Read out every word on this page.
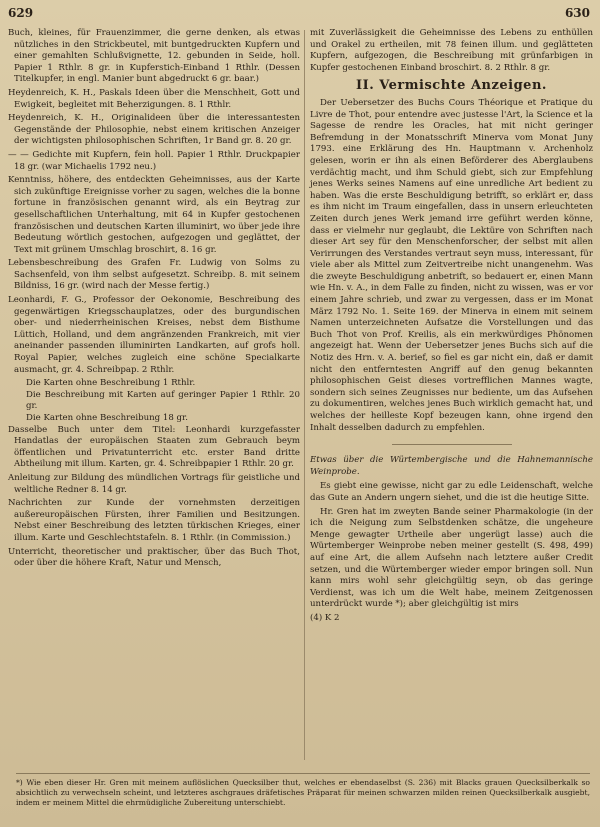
629	630

Buch, kleines, für Frauenzimmer, die gerne denken, als etwas nützliches in den Strickbeutel, mit buntgedruckten Kupfern und einer gemahlten Schlußvignette, 12. gebunden in Seide, holl. Papier 1 Rthlr. 8 gr. in Kupferstich-Einband 1 Rthlr. (Dessen Titelkupfer, in engl. Manier bunt abgedruckt 6 gr. baar.)

Heydenreich, K. H., Paskals Ideen über die Menschheit, Gott und Ewigkeit, begleitet mit Beherzigungen. 8. 1 Rthlr.

Heydenreich, K. H., Originalideen über die interessantesten Gegenstände der Philosophie, nebst einem kritischen Anzeiger der wichtigsten philosophischen Schriften, 1r Band gr. 8. 20 gr.

— — Gedichte mit Kupfern, fein holl. Papier 1 Rthlr. Druckpapier 18 gr. (war Michaelis 1792 neu.)

Kenntniss, höhere, des entdeckten Geheimnisses, aus der Karte sich zukünftige Ereignisse vorher zu sagen, welches die la bonne fortune in französischen genannt wird, als ein Beytrag zur gesellschaftlichen Unterhaltung, mit 64 in Kupfer gestochenen französischen und deutschen Karten illuminirt, wo über jede ihre Bedeutung wörtlich gestochen, aufgezogen und geglättet, der Text mit grünem Umschlag broschirt, 8. 16 gr.

Lebensbeschreibung des Grafen Fr. Ludwig von Solms zu Sachsenfeld, von ihm selbst aufgesetzt. Schreibp. 8. mit seinem Bildniss, 16 gr. (wird nach der Messe fertig.)

Leonhardi, F. G., Professor der Oekonomie, Beschreibung des gegenwärtigen Kriegsschauplatzes, oder des burgundischen ober- und niederrheinischen Kreises, nebst dem Bisthume Lüttich, Holland, und dem angränzenden Frankreich, mit vier aneinander passenden illuminirten Landkarten, auf grofs holl. Royal Papier, welches zugleich eine schöne Specialkarte ausmacht, gr. 4. Schreibpap. 2 Rthlr.

Die Karten ohne Beschreibung 1 Rthlr.

Die Beschreibung mit Karten auf geringer Papier 1 Rthlr. 20 gr.

Die Karten ohne Beschreibung 18 gr.

Dasselbe Buch unter dem Titel: Leonhardi kurzgefasster Handatlas der europäischen Staaten zum Gebrauch beym öffentlichen und Privatunterricht etc. erster Band dritte Abtheilung mit illum. Karten, gr. 4. Schreibpapier 1 Rthlr. 20 gr.

Anleitung zur Bildung des mündlichen Vortrags für geistliche und weltliche Redner 8. 14 gr.

Nachrichten zur Kunde der vornehmsten derzeitigen außereuropäischen Fürsten, ihrer Familien und Besitzungen. Nebst einer Beschreibung des letzten türkischen Krieges, einer illum. Karte und Geschlechtstafeln. 8. 1 Rthlr. (in Commission.)

Unterricht, theoretischer und praktischer, über das Buch Thot, oder über die höhere Kraft, Natur und Mensch,

mit Zuverlässigkeit die Geheimnisse des Lebens zu enthüllen und Orakel zu ertheilen, mit 78 feinen illum. und geglätteten Kupfern, aufgezogen, die Beschreibung mit grünfarbigen in Kupfer gestochenen Einband broschirt. 8. 2 Rthlr. 8 gr.

II. Vermischte Anzeigen.

Der Uebersetzer des Buchs Cours Théorique et Pratique du Livre de Thot, pour entendre avec justesse l'Art, la Science et la Sagesse de rendre les Oracles, hat mit nicht geringer Befremdung in der Monatsschrift Minerva vom Monat Juny 1793. eine Erklärung des Hn. Hauptmann v. Archenholz gelesen, worin er ihn als einen Beförderer des Aberglaubens verdächtig macht, und ihm Schuld giebt, sich zur Empfehlung jenes Werks seines Namens auf eine unredliche Art bedient zu haben. Was die erste Beschuldigung betrifft, so erklärt er, dass es ihm nicht im Traum eingefallen, dass in unsern erleuchteten Zeiten durch jenes Werk jemand irre geführt werden könne, dass er vielmehr nur geglaubt, die Lektüre von Schriften nach dieser Art sey für den Menschenforscher, der selbst mit allen Verirrungen des Verstandes vertraut seyn muss, interessant, für viele aber als Mittel zum Zeitvertreibe nicht unangenehm. Was die zweyte Beschuldigung anbetrift, so bedauert er, einen Mann wie Hn. v. A., in dem Falle zu finden, nicht zu wissen, was er vor einem Jahre schrieb, und zwar zu vergessen, dass er im Monat März 1792 No. 1. Seite 169. der Minerva in einem mit seinem Namen unterzeichneten Aufsatze die Vorstellungen und das Buch Thot von Prof. Kreilis, als ein merkwürdiges Phönomen angezeigt hat. Wenn der Uebersetzer jenes Buchs sich auf die Notiz des Hrn. v. A. berief, so fiel es gar nicht ein, daß er damit nicht den entferntesten Angriff auf den genug bekannten philosophischen Geist dieses vortrefflichen Mannes wagte, sondern sich seines Zeugnisses nur bediente, um das Aufsehen zu dokumentiren, welches jenes Buch wirklich gemacht hat, und welches der heilleste Kopf bezeugen kann, ohne irgend den Inhalt desselben dadurch zu empfehlen.

Etwas über die Würtembergische und die Hahnemannische Weinprobe.

Es giebt eine gewisse, nicht gar zu edle Leidenschaft, welche das Gute an Andern ungern siehet, und die ist die heutige Sitte.

Hr. Gren hat im zweyten Bande seiner Pharmakologie (in der ich die Neigung zum Selbstdenken schätze, die ungeheure Menge gewagter Urtheile aber ungerügt lasse) auch die Würtemberger Weinprobe neben meiner gestellt (S. 498, 499) auf eine Art, die allem Aufsehn nach letztere außer Credit setzen, und die Würtemberger wieder empor bringen soll. Nun kann mirs wohl sehr gleichgültig seyn, ob das geringe Verdienst, was ich um die Welt habe, meinem Zeitgenossen unterdrückt wurde *); aber gleichgültig ist mirs

(4) K 2

*) Wie eben dieser Hr. Gren mit meinem auflöslichen Quecksilber thut, welches er ebendaselbst (S. 236) mit Blacks grauen Quecksilberkalk so absichtlich zu verwechseln scheint, und letzteres aschgraues dräfetisches Präparat für meinen schwarzen milden reinen Quecksilberkalk ausgiebt, indem er meinem Mittel die ehrmüdigliche Zubereitung unterschiebt.
